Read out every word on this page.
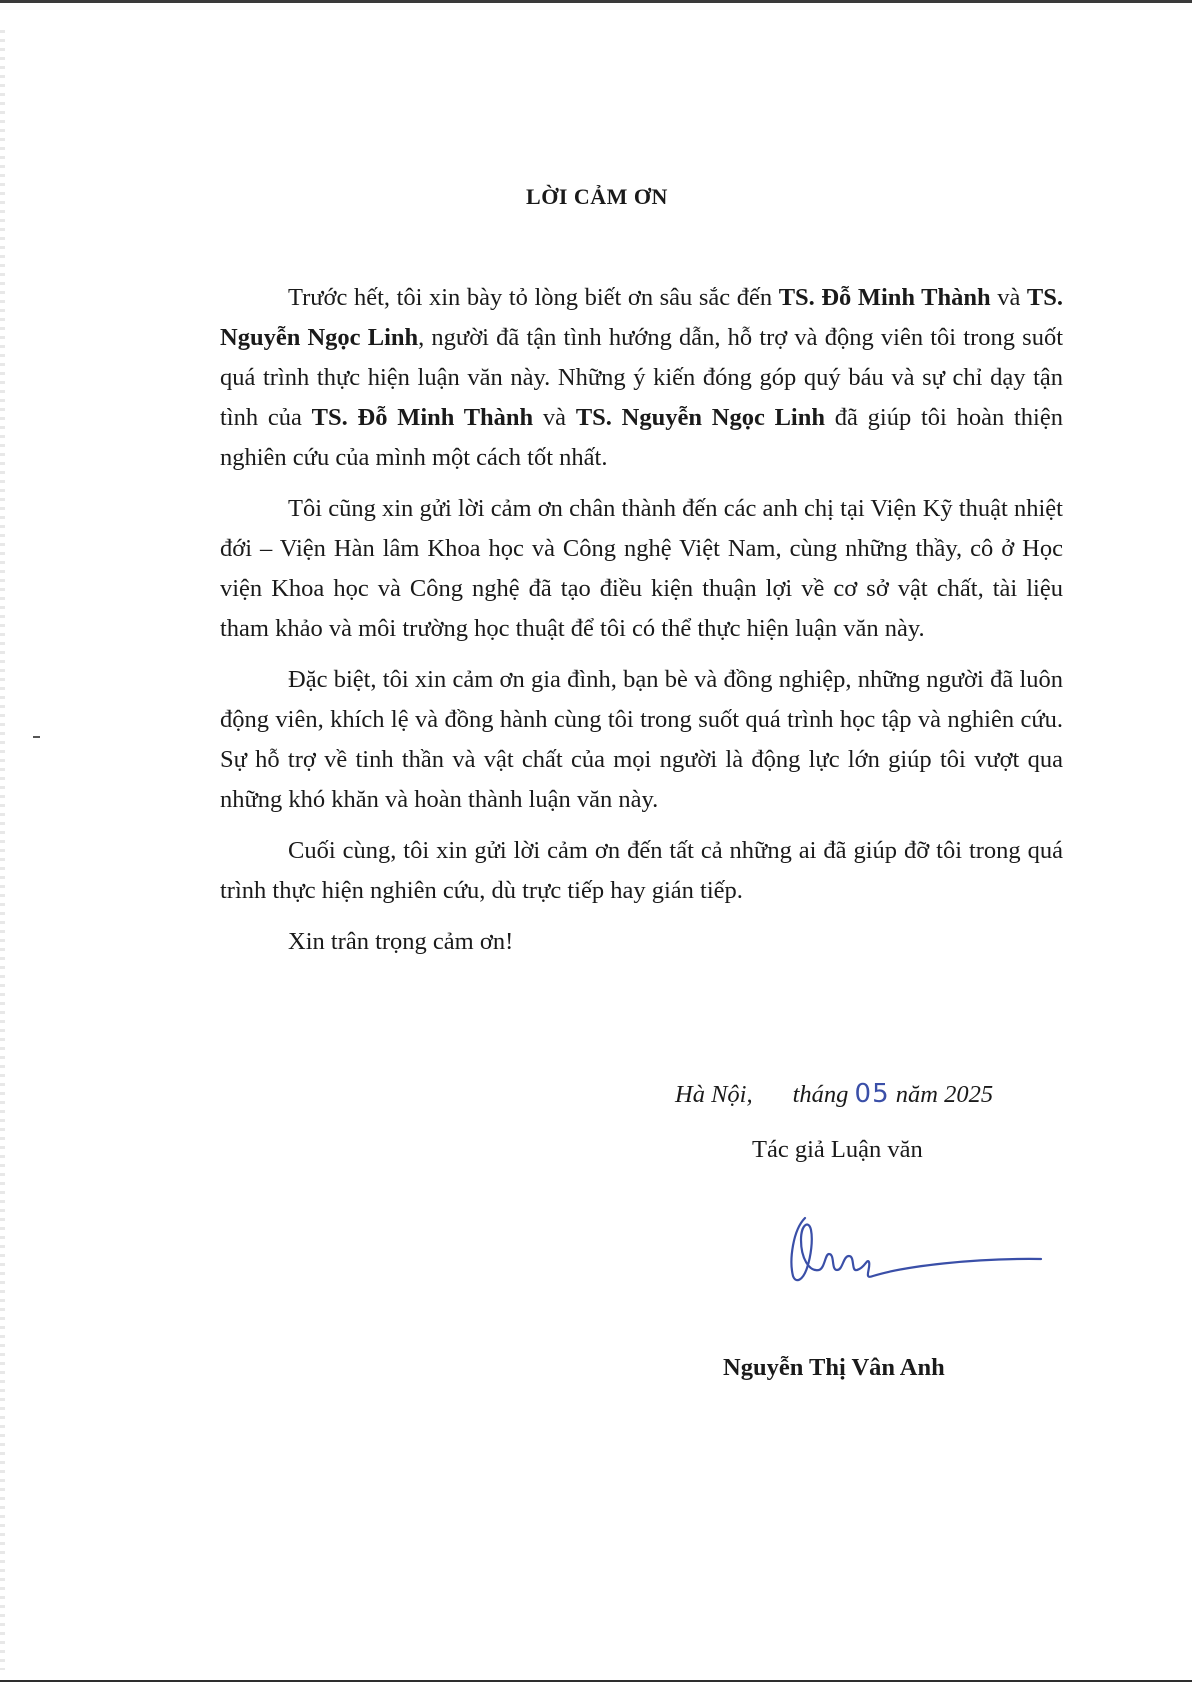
LỜI CẢM ƠN

Trước hết, tôi xin bày tỏ lòng biết ơn sâu sắc đến TS. Đỗ Minh Thành và TS. Nguyễn Ngọc Linh, người đã tận tình hướng dẫn, hỗ trợ và động viên tôi trong suốt quá trình thực hiện luận văn này. Những ý kiến đóng góp quý báu và sự chỉ dạy tận tình của TS. Đỗ Minh Thành và TS. Nguyễn Ngọc Linh đã giúp tôi hoàn thiện nghiên cứu của mình một cách tốt nhất.

Tôi cũng xin gửi lời cảm ơn chân thành đến các anh chị tại Viện Kỹ thuật nhiệt đới – Viện Hàn lâm Khoa học và Công nghệ Việt Nam, cùng những thầy, cô ở Học viện Khoa học và Công nghệ đã tạo điều kiện thuận lợi về cơ sở vật chất, tài liệu tham khảo và môi trường học thuật để tôi có thể thực hiện luận văn này.

Đặc biệt, tôi xin cảm ơn gia đình, bạn bè và đồng nghiệp, những người đã luôn động viên, khích lệ và đồng hành cùng tôi trong suốt quá trình học tập và nghiên cứu. Sự hỗ trợ về tinh thần và vật chất của mọi người là động lực lớn giúp tôi vượt qua những khó khăn và hoàn thành luận văn này.

Cuối cùng, tôi xin gửi lời cảm ơn đến tất cả những ai đã giúp đỡ tôi trong quá trình thực hiện nghiên cứu, dù trực tiếp hay gián tiếp.

Xin trân trọng cảm ơn!

Hà Nội, tháng 05 năm 2025
Tác giả Luận văn
Nguyễn Thị Vân Anh
